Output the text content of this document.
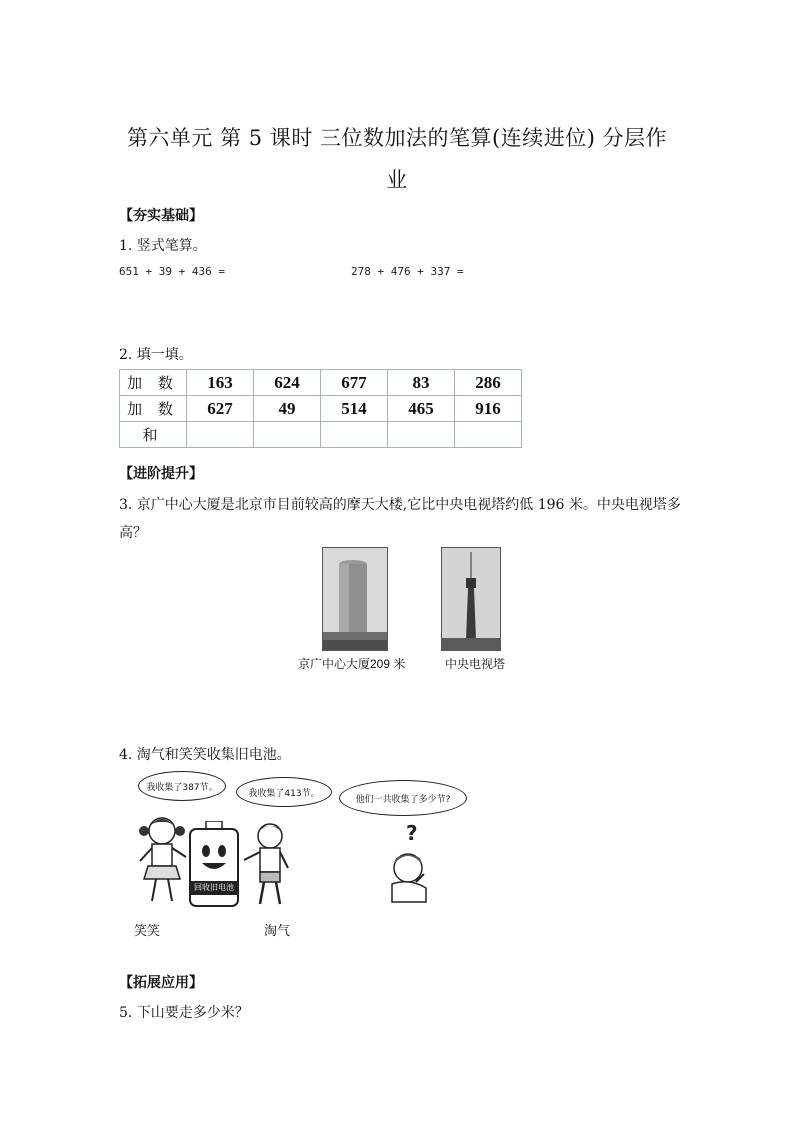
第六单元 第 5 课时 三位数加法的笔算(连续进位) 分层作
业
【夯实基础】
1. 竖式笔算。
651 + 39 + 436 =	278 + 476 + 337 =
2. 填一填。
加 数	163	624	677	83	286
加 数	627	49	514	465	916
和					
【进阶提升】
3. 京广中心大厦是北京市目前较高的摩天大楼,它比中央电视塔约低 196 米。中央电视塔多
高？
京广中心大厦209 米	中央电视塔
4. 淘气和笑笑收集旧电池。
我收集了387节。
我收集了413节。
他们一共收集了多少节?
回收旧电池
?
笑笑	淘气
【拓展应用】
5. 下山要走多少米？
